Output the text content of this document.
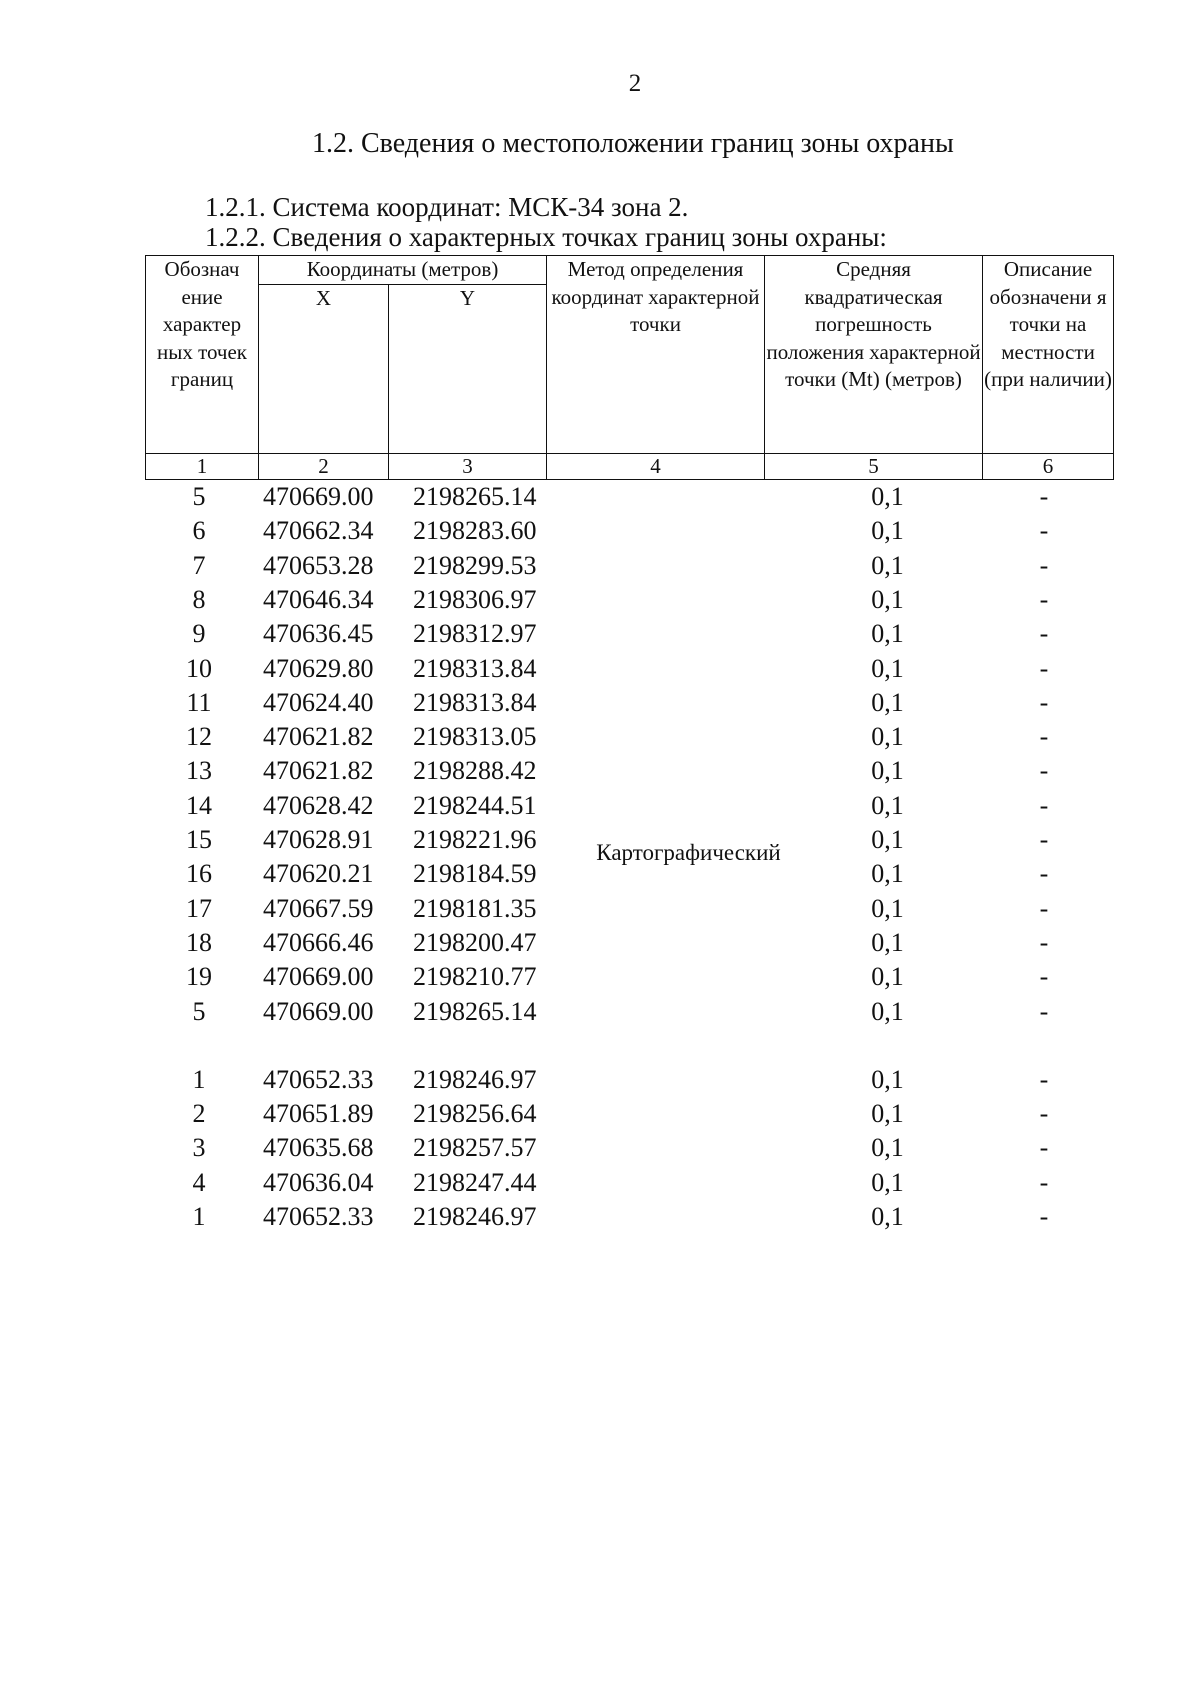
2
1.2. Сведения о местоположении границ зоны охраны
1.2.1. Система координат: МСК-34 зона 2.
1.2.2. Сведения о характерных точках границ зоны охраны:
Обознач ение характер ных точек границ	Координаты (метров)		Метод определения координат характерной точки	Средняя квадратическая погрешность положения характерной точки (Mt) (метров)	Описание обозначени я точки на местности (при наличии)
	X	Y			
1	2	3	4	5	6
Картографический
5	470669.00	2198265.14	0,1	-
6	470662.34	2198283.60	0,1	-
7	470653.28	2198299.53	0,1	-
8	470646.34	2198306.97	0,1	-
9	470636.45	2198312.97	0,1	-
10	470629.80	2198313.84	0,1	-
11	470624.40	2198313.84	0,1	-
12	470621.82	2198313.05	0,1	-
13	470621.82	2198288.42	0,1	-
14	470628.42	2198244.51	0,1	-
15	470628.91	2198221.96	0,1	-
16	470620.21	2198184.59	0,1	-
17	470667.59	2198181.35	0,1	-
18	470666.46	2198200.47	0,1	-
19	470669.00	2198210.77	0,1	-
5	470669.00	2198265.14	0,1	-
1	470652.33	2198246.97	0,1	-
2	470651.89	2198256.64	0,1	-
3	470635.68	2198257.57	0,1	-
4	470636.04	2198247.44	0,1	-
1	470652.33	2198246.97	0,1	-
